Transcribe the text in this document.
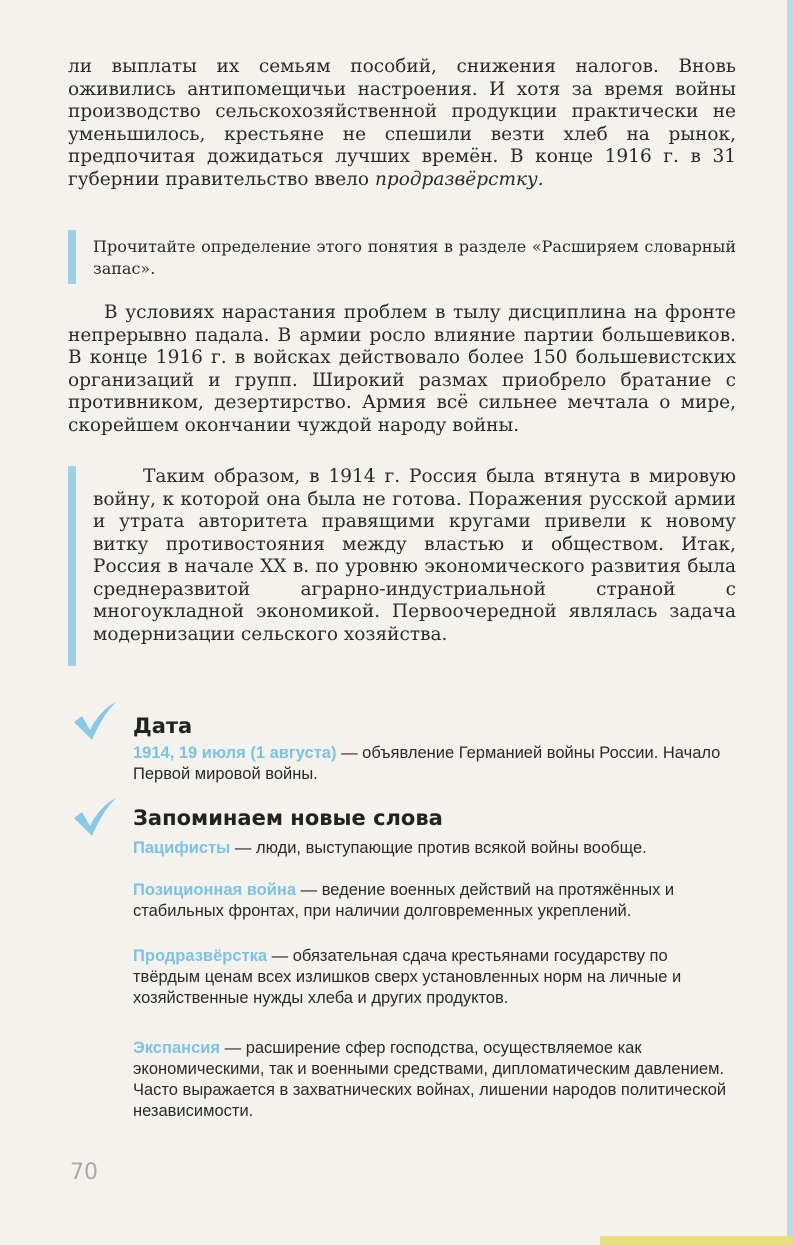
ли выплаты их семьям пособий, снижения налогов. Вновь оживились антипомещичьи настроения. И хотя за время войны производство сельскохозяйственной продукции практически не уменьшилось, крестьяне не спешили везти хлеб на рынок, предпочитая дожидаться лучших времён. В конце 1916 г. в 31 губернии правительство ввело продразвёрстку.

Прочитайте определение этого понятия в разделе «Расширяем словарный запас».

В условиях нарастания проблем в тылу дисциплина на фронте непрерывно падала. В армии росло влияние партии большевиков. В конце 1916 г. в войсках действовало более 150 большевистских организаций и групп. Широкий размах приобрело братание с противником, дезертирство. Армия всё сильнее мечтала о мире, скорейшем окончании чуждой народу войны.

Таким образом, в 1914 г. Россия была втянута в мировую войну, к которой она была не готова. Поражения русской армии и утрата авторитета правящими кругами привели к новому витку противостояния между властью и обществом. Итак, Россия в начале XX в. по уровню экономического развития была среднеразвитой аграрно-индустриальной страной с многоукладной экономикой. Первоочередной являлась задача модернизации сельского хозяйства.

Дата

1914, 19 июля (1 августа) — объявление Германией войны России. Начало Первой мировой войны.

Запоминаем новые слова

Пацифисты — люди, выступающие против всякой войны вообще.

Позиционная война — ведение военных действий на протяжённых и стабильных фронтах, при наличии долговременных укреплений.

Продразвёрстка — обязательная сдача крестьянами государству по твёрдым ценам всех излишков сверх установленных норм на личные и хозяйственные нужды хлеба и других продуктов.

Экспансия — расширение сфер господства, осуществляемое как экономическими, так и военными средствами, дипломатическим давлением. Часто выражается в захватнических войнах, лишении народов политической независимости.

70
